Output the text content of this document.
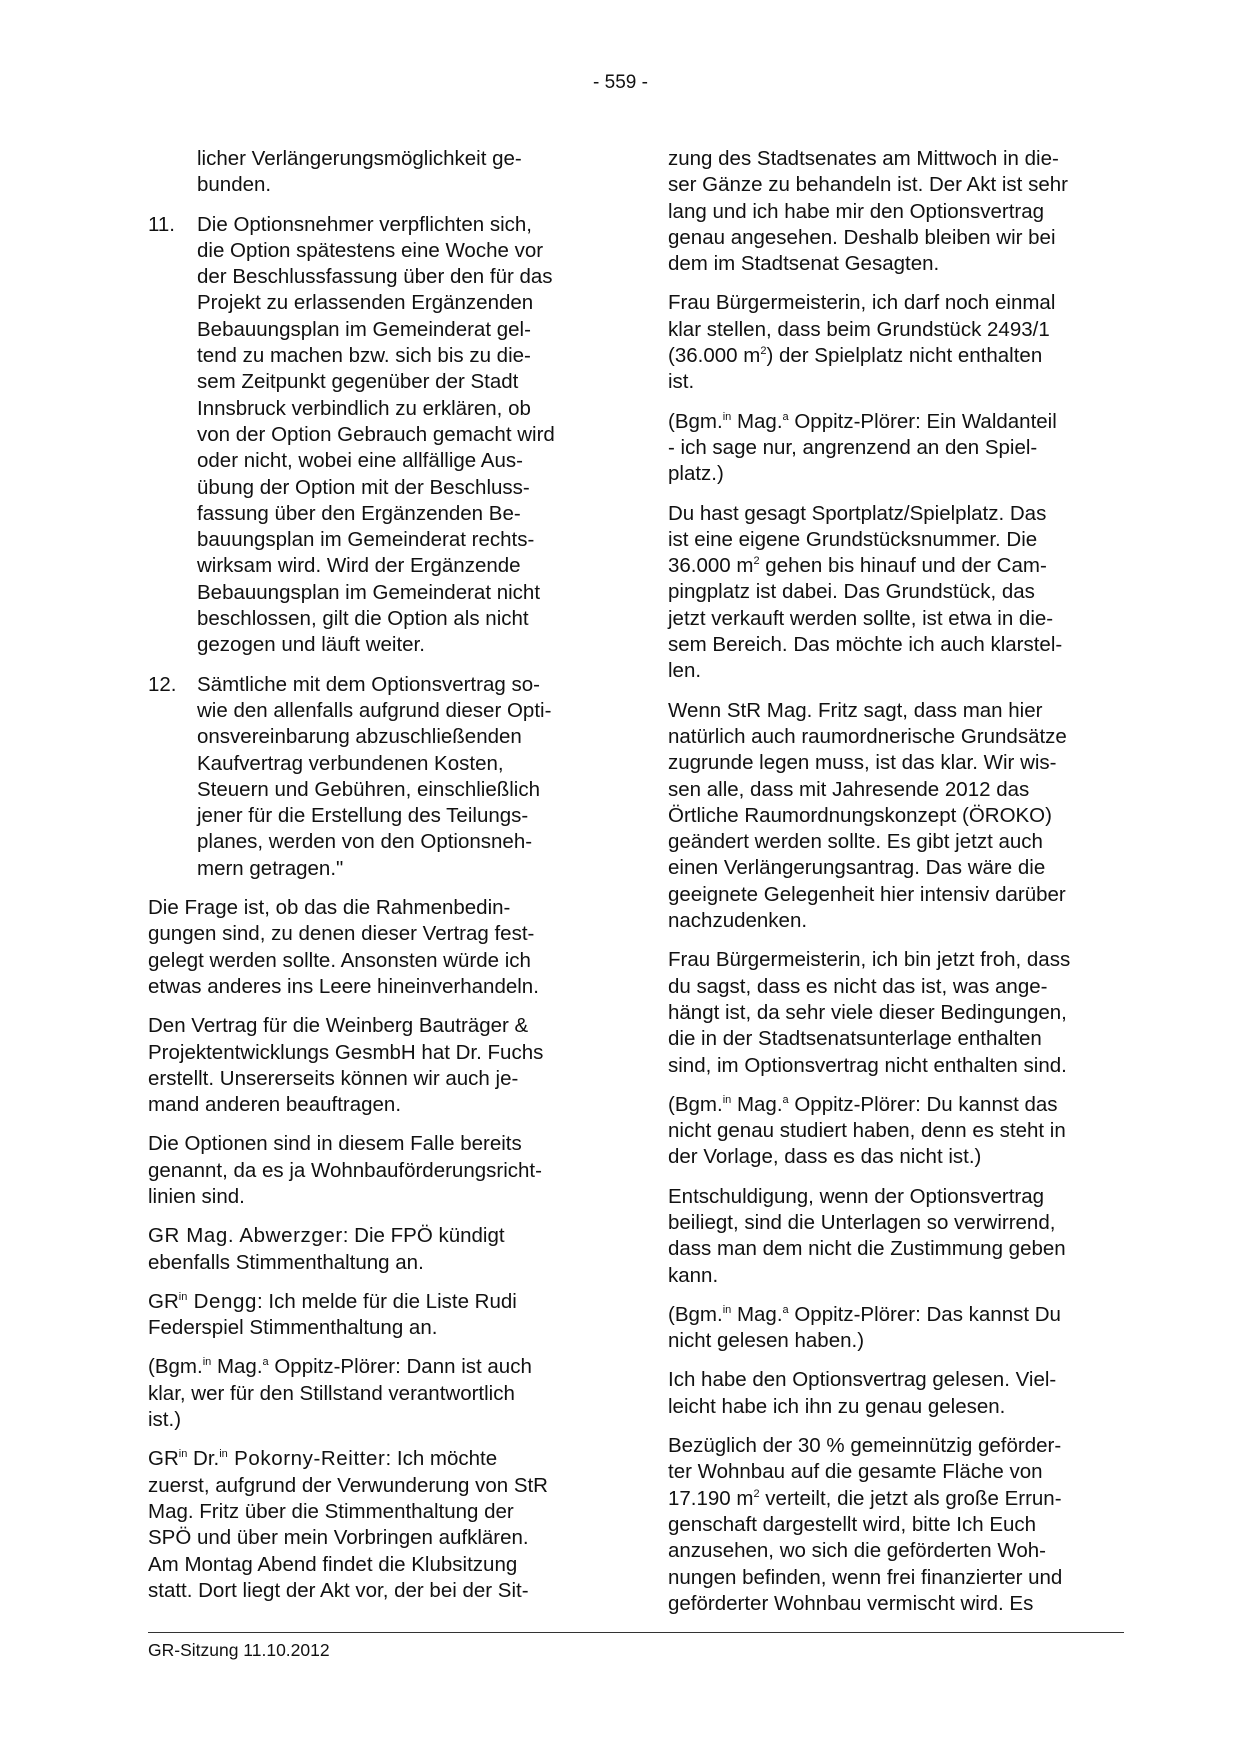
- 559 -

licher Verlängerungsmöglichkeit ge-
bunden.

11.	Die Optionsnehmer verpflichten sich,
die Option spätestens eine Woche vor
der Beschlussfassung über den für das
Projekt zu erlassenden Ergänzenden
Bebauungsplan im Gemeinderat gel-
tend zu machen bzw. sich bis zu die-
sem Zeitpunkt gegenüber der Stadt
Innsbruck verbindlich zu erklären, ob
von der Option Gebrauch gemacht wird
oder nicht, wobei eine allfällige Aus-
übung der Option mit der Beschluss-
fassung über den Ergänzenden Be-
bauungsplan im Gemeinderat rechts-
wirksam wird. Wird der Ergänzende
Bebauungsplan im Gemeinderat nicht
beschlossen, gilt die Option als nicht
gezogen und läuft weiter.
12.	Sämtliche mit dem Optionsvertrag so-
wie den allenfalls aufgrund dieser Opti-
onsvereinbarung abzuschließenden
Kaufvertrag verbundenen Kosten,
Steuern und Gebühren, einschließlich
jener für die Erstellung des Teilungs-
planes, werden von den Optionsneh-
mern getragen."

Die Frage ist, ob das die Rahmenbedin-
gungen sind, zu denen dieser Vertrag fest-
gelegt werden sollte. Ansonsten würde ich
etwas anderes ins Leere hineinverhandeln.

Den Vertrag für die Weinberg Bauträger &
Projektentwicklungs GesmbH hat Dr. Fuchs
erstellt. Unsererseits können wir auch je-
mand anderen beauftragen.

Die Optionen sind in diesem Falle bereits
genannt, da es ja Wohnbauförderungsricht-
linien sind.

GR Mag. Abwerzger: Die FPÖ kündigt
ebenfalls Stimmenthaltung an.

$GR^{in}$ Dengg: Ich melde für die Liste Rudi
Federspiel Stimmenthaltung an.

(Bgm.$^{in}$ Mag.$^a$ Oppitz-Plörer: Dann ist auch
klar, wer für den Stillstand verantwortlich
ist.)

$GR^{in}$ Dr.$^{in}$ Pokorny-Reitter: Ich möchte
zuerst, aufgrund der Verwunderung von StR
Mag. Fritz über die Stimmenthaltung der
SPÖ und über mein Vorbringen aufklären.
Am Montag Abend findet die Klubsitzung
statt. Dort liegt der Akt vor, der bei der Sit-

zung des Stadtsenates am Mittwoch in die-
ser Gänze zu behandeln ist. Der Akt ist sehr
lang und ich habe mir den Optionsvertrag
genau angesehen. Deshalb bleiben wir bei
dem im Stadtsenat Gesagten.

Frau Bürgermeisterin, ich darf noch einmal
klar stellen, dass beim Grundstück 2493/1
(36.000 $m^2$) der Spielplatz nicht enthalten
ist.

(Bgm.$^{in}$ Mag.$^a$ Oppitz-Plörer: Ein Waldanteil
- ich sage nur, angrenzend an den Spiel-
platz.)

Du hast gesagt Sportplatz/Spielplatz. Das
ist eine eigene Grundstücksnummer. Die
36.000 $m^2$ gehen bis hinauf und der Cam-
pingplatz ist dabei. Das Grundstück, das
jetzt verkauft werden sollte, ist etwa in die-
sem Bereich. Das möchte ich auch klarstel-
len.

Wenn StR Mag. Fritz sagt, dass man hier
natürlich auch raumordnerische Grundsätze
zugrunde legen muss, ist das klar. Wir wis-
sen alle, dass mit Jahresende 2012 das
Örtliche Raumordnungskonzept (ÖROKO)
geändert werden sollte. Es gibt jetzt auch
einen Verlängerungsantrag. Das wäre die
geeignete Gelegenheit hier intensiv darüber
nachzudenken.

Frau Bürgermeisterin, ich bin jetzt froh, dass
du sagst, dass es nicht das ist, was ange-
hängt ist, da sehr viele dieser Bedingungen,
die in der Stadtsenatsunterlage enthalten
sind, im Optionsvertrag nicht enthalten sind.

(Bgm.$^{in}$ Mag.$^a$ Oppitz-Plörer: Du kannst das
nicht genau studiert haben, denn es steht in
der Vorlage, dass es das nicht ist.)

Entschuldigung, wenn der Optionsvertrag
beiliegt, sind die Unterlagen so verwirrend,
dass man dem nicht die Zustimmung geben
kann.

(Bgm.$^{in}$ Mag.$^a$ Oppitz-Plörer: Das kannst Du
nicht gelesen haben.)

Ich habe den Optionsvertrag gelesen. Viel-
leicht habe ich ihn zu genau gelesen.

Bezüglich der 30 % gemeinnützig geförder-
ter Wohnbau auf die gesamte Fläche von
17.190 $m^2$ verteilt, die jetzt als große Errun-
genschaft dargestellt wird, bitte Ich Euch
anzusehen, wo sich die geförderten Woh-
nungen befinden, wenn frei finanzierter und
geförderter Wohnbau vermischt wird. Es

GR-Sitzung 11.10.2012
